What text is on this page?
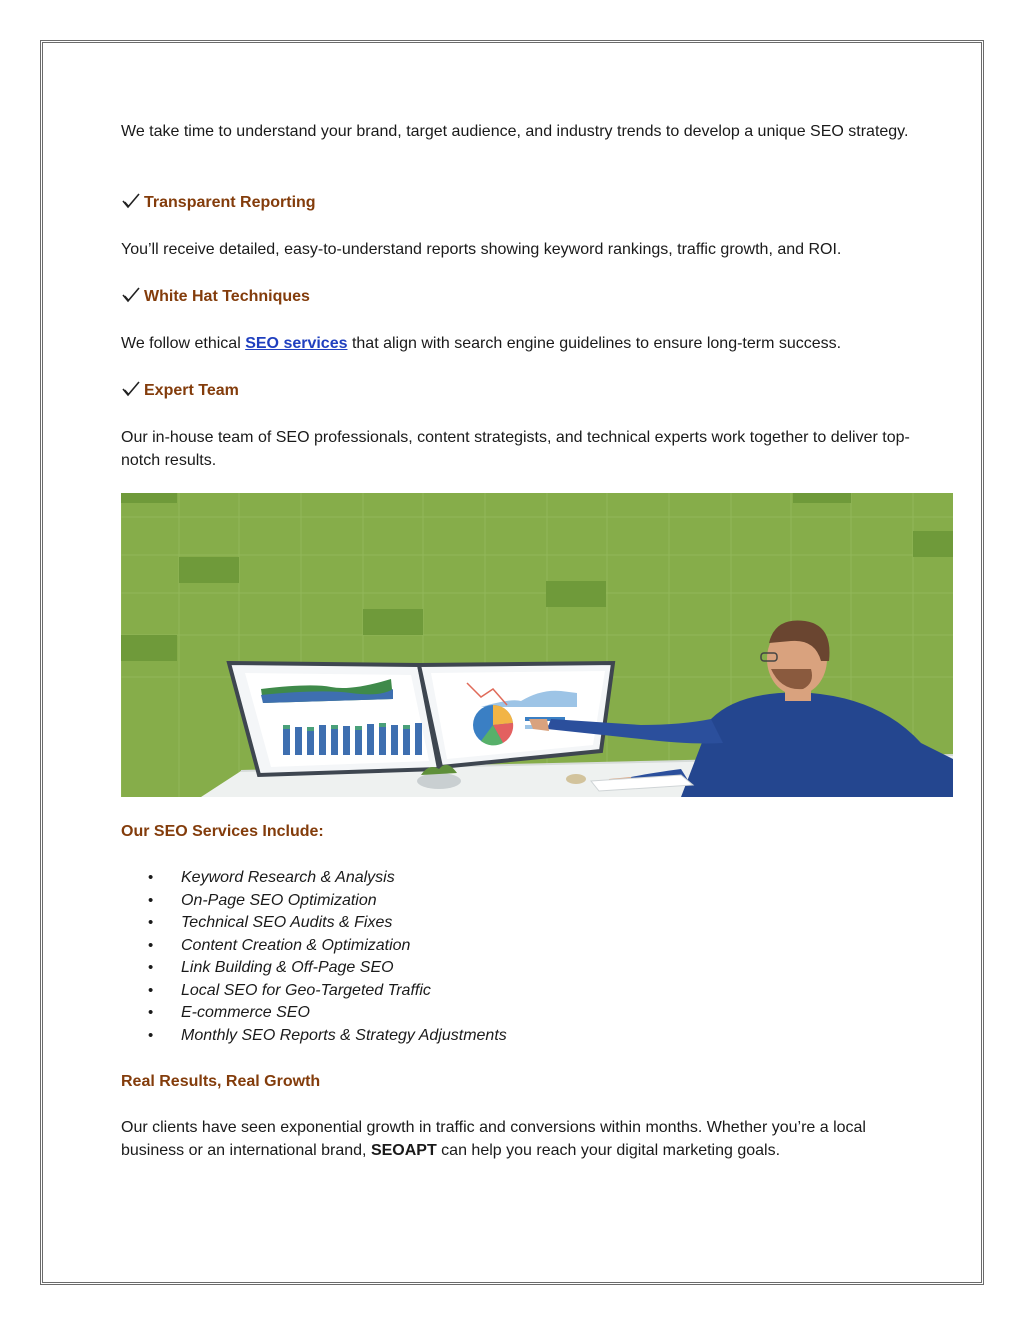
We take time to understand your brand, target audience, and industry trends to develop a unique SEO strategy.

Transparent Reporting

You’ll receive detailed, easy-to-understand reports showing keyword rankings, traffic growth, and ROI.

White Hat Techniques

We follow ethical SEO services that align with search engine guidelines to ensure long-term success.

Expert Team

Our in-house team of SEO professionals, content strategists, and technical experts work together to deliver top-notch results.

Our SEO Services Include:

• Keyword Research & Analysis
• On-Page SEO Optimization
• Technical SEO Audits & Fixes
• Content Creation & Optimization
• Link Building & Off-Page SEO
• Local SEO for Geo-Targeted Traffic
• E-commerce SEO
• Monthly SEO Reports & Strategy Adjustments

Real Results, Real Growth

Our clients have seen exponential growth in traffic and conversions within months. Whether you’re a local business or an international brand, SEOAPT can help you reach your digital marketing goals.
